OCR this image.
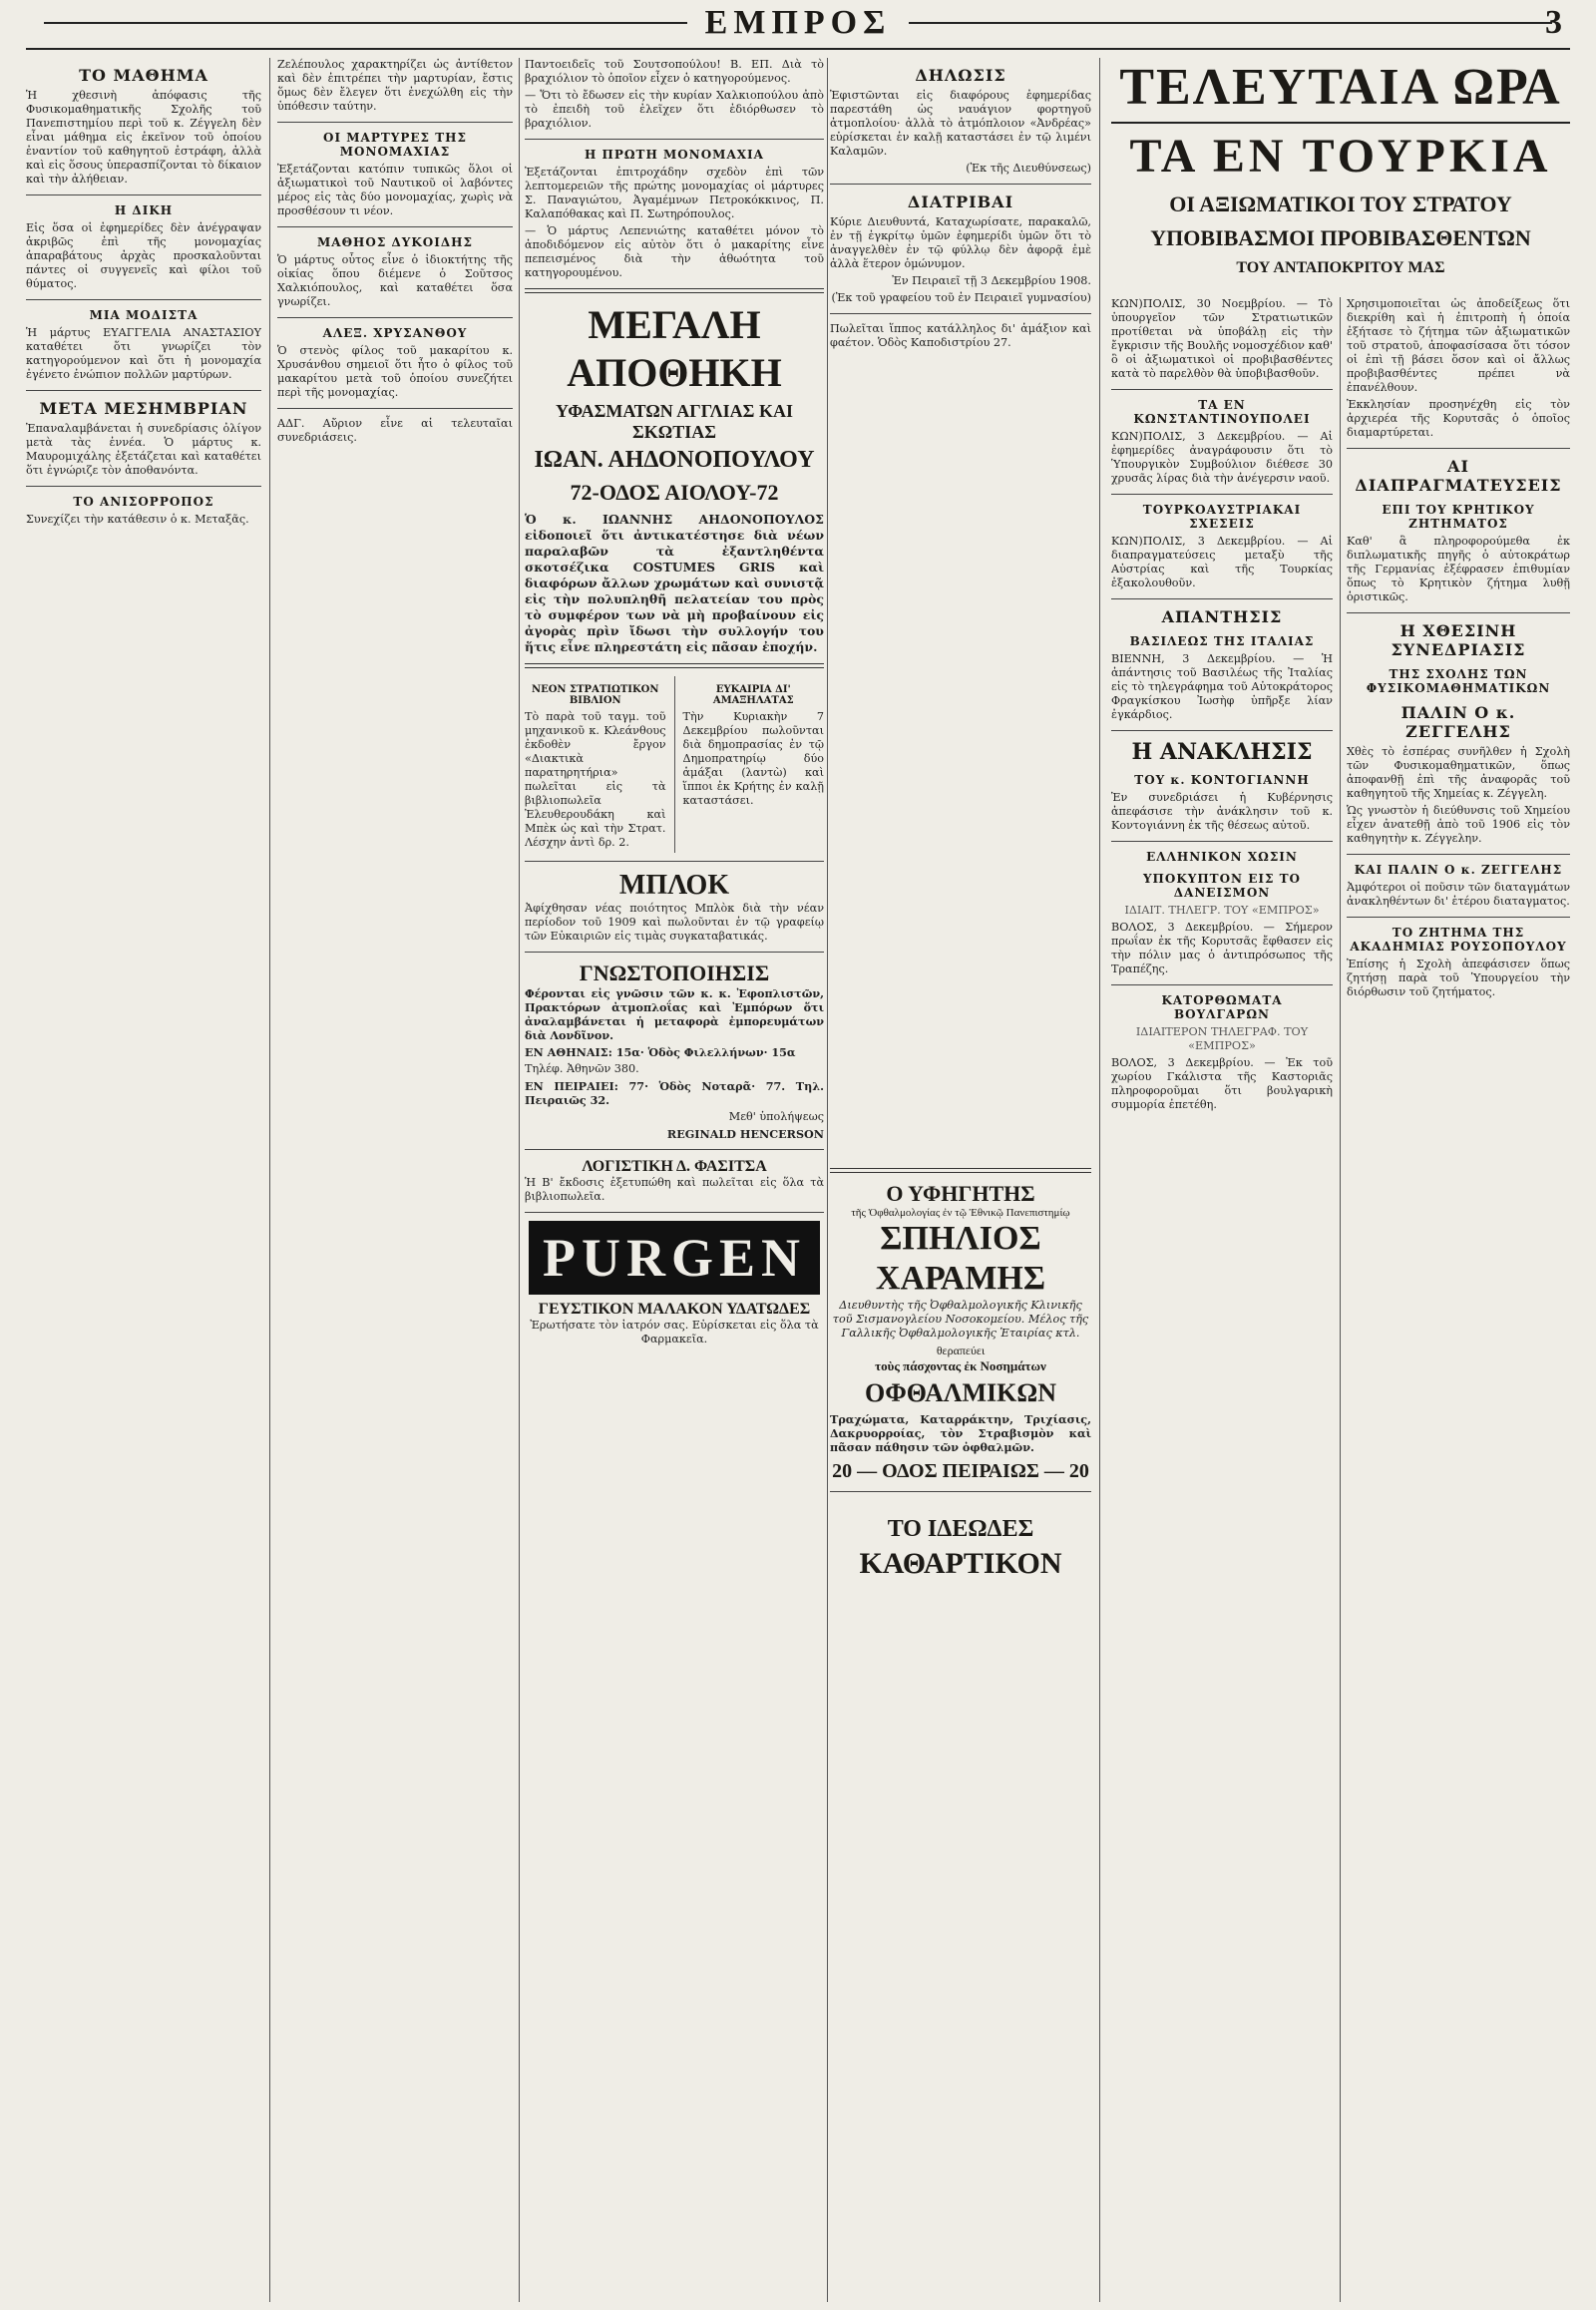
ΕΜΠΡΟΣ	3
ΤΟ ΜΑΘΗΜΑ

Ἡ χθεσινὴ ἀπόφασις τῆς Φυσικομαθηματικῆς Σχολῆς τοῦ Πανεπιστημίου περὶ τοῦ κ. Ζέγγελη δὲν εἶναι μάθημα εἰς ἐκεῖνον τοῦ ὁποίου ἐναντίον τοῦ καθηγητοῦ ἐστράφη, ἀλλὰ καὶ εἰς ὅσους ὑπερασπίζονται τὸ δίκαιον καὶ τὴν ἀλήθειαν.

Η ΔΙΚΗ

Εἰς ὅσα οἱ ἐφημερίδες δὲν ἀνέγραψαν ἀκριβῶς ἐπὶ τῆς μονομαχίας ἀπαραβάτους ἀρχὰς προσκαλοῦνται πάντες οἱ συγγενεῖς καὶ φίλοι τοῦ θύματος.

ΜΙΑ ΜΟΔΙΣΤΑ

Ἡ μάρτυς ΕΥΑΓΓΕΛΙΑ ΑΝΑΣΤΑΣΙΟΥ καταθέτει ὅτι γνωρίζει τὸν κατηγορούμενον καὶ ὅτι ἡ μονομαχία ἐγένετο ἐνώπιον πολλῶν μαρτύρων.

ΜΕΤΑ ΜΕΣΗΜΒΡΙΑΝ

Ἐπαναλαμβάνεται ἡ συνεδρίασις ὀλίγον μετὰ τὰς ἐννέα. Ὁ μάρτυς κ. Μαυρομιχάλης ἐξετάζεται καὶ καταθέτει ὅτι ἐγνώριζε τὸν ἀποθανόντα.

ΤΟ ΑΝΙΣΟΡΡΟΠΟΣ

Συνεχίζει τὴν κατάθεσιν ὁ κ. Μεταξᾶς.

Ζελέπουλος χαρακτηρίζει ὡς ἀντίθετον καὶ δὲν ἐπιτρέπει τὴν μαρτυρίαν, ἔστις ὅμως δὲν ἔλεγεν ὅτι ἐνεχώλθη εἰς τὴν ὑπόθεσιν ταύτην.

ΟΙ ΜΑΡΤΥΡΕΣ ΤΗΣ ΜΟΝΟΜΑΧΙΑΣ

Ἐξετάζονται κατόπιν τυπικῶς ὅλοι οἱ ἀξιωματικοὶ τοῦ Ναυτικοῦ οἱ λαβόντες μέρος εἰς τὰς δύο μονομαχίας, χωρὶς νὰ προσθέσουν τι νέον.

ΜΑΘΗΟΣ ΔΥΚΟΙΔΗΣ

Ὁ μάρτυς οὗτος εἶνε ὁ ἰδιοκτήτης τῆς οἰκίας ὅπου διέμενε ὁ Σοῦτσος Χαλκιόπουλος, καὶ καταθέτει ὅσα γνωρίζει.

ΑΛΕΞ. ΧΡΥΣΑΝΘΟΥ

Ὁ στενὸς φίλος τοῦ μακαρίτου κ. Χρυσάνθου σημειοῖ ὅτι ἦτο ὁ φίλος τοῦ μακαρίτου μετὰ τοῦ ὁποίου συνεζήτει περὶ τῆς μονομαχίας.

ΑΔΓ. Αὔριον εἶνε αἱ τελευταῖαι συνεδριάσεις.

Παντοειδεῖς τοῦ Σουτσοπούλου! Β. ΕΠ. Διὰ τὸ βραχιόλιον τὸ ὁποῖον εἶχεν ὁ κατηγορούμενος.

— Ὅτι τὸ ἔδωσεν εἰς τὴν κυρίαν Χαλκιοπούλου ἀπὸ τὸ ἐπειδὴ τοῦ ἐλεῖχεν ὅτι ἐδιόρθωσεν τὸ βραχιόλιον.

Η ΠΡΩΤΗ ΜΟΝΟΜΑΧΙΑ

Ἐξετάζονται ἐπιτροχάδην σχεδὸν ἐπὶ τῶν λεπτομερειῶν τῆς πρώτης μονομαχίας οἱ μάρτυρες Σ. Παναγιώτου, Ἀγαμέμνων Πετροκόκκινος, Π. Καλαπόθακας καὶ Π. Σωτηρόπουλος.

— Ὁ μάρτυς Λεπενιώτης καταθέτει μόνον τὸ ἀποδιδόμενον εἰς αὐτὸν ὅτι ὁ μακαρίτης εἶνε πεπεισμένος διὰ τὴν ἀθωότητα τοῦ κατηγορουμένου.

ΜΕΓΑΛΗ ΑΠΟΘΗΚΗ
ΥΦΑΣΜΑΤΩΝ ΑΓΓΛΙΑΣ ΚΑΙ ΣΚΩΤΙΑΣ
ΙΩΑΝ. ΑΗΔΟΝΟΠΟΥΛΟΥ
72-ΟΔΟΣ ΑΙΟΛΟΥ-72

Ὁ κ. ΙΩΑΝΝΗΣ ΑΗΔΟΝΟΠΟΥΛΟΣ εἰδοποιεῖ ὅτι ἀντικατέστησε διὰ νέων παραλαβῶν τὰ ἐξαντληθέντα σκοτσέζικα COSTUMES GRIS καὶ διαφόρων ἄλλων χρωμάτων καὶ συνιστᾷ εἰς τὴν πολυπληθῆ πελατείαν του πρὸς τὸ συμφέρον των νὰ μὴ προβαίνουν εἰς ἀγορὰς πρὶν ἴδωσι τὴν συλλογήν του ἥτις εἶνε πληρεστάτη εἰς πᾶσαν ἐποχήν.

ΝΕΟΝ ΣΤΡΑΤΙΩΤΙΚΟΝ ΒΙΒΛΙΟΝ

Τὸ παρὰ τοῦ ταγμ. τοῦ μηχανικοῦ κ. Κλεάνθους ἐκδοθὲν ἔργον «Διακτικὰ παρατηρητήρια» πωλεῖται εἰς τὰ βιβλιοπωλεῖα Ἐλευθερουδάκη καὶ Μπὲκ ὡς καὶ τὴν Στρατ. Λέσχην ἀντὶ δρ. 2.

ΕΥΚΑΙΡΙΑ ΔΙ' ΑΜΑΞΗΛΑΤΑΣ

Τὴν Κυριακὴν 7 Δεκεμβρίου πωλοῦνται διὰ δημοπρασίας ἐν τῷ Δημοπρατηρίῳ δύο ἁμάξαι (λαντὼ) καὶ ἵπποι ἐκ Κρήτης ἐν καλῇ καταστάσει.

ΜΠΛΟΚ

Ἀφίχθησαν νέας ποιότητος Μπλὸκ διὰ τὴν νέαν περίοδον τοῦ 1909 καὶ πωλοῦνται ἐν τῷ γραφείῳ τῶν Εὐκαιριῶν εἰς τιμὰς συγκαταβατικάς.

ΓΝΩΣΤΟΠΟΙΗΣΙΣ

Φέρονται εἰς γνῶσιν τῶν κ. κ. Ἐφοπλιστῶν, Πρακτόρων ἀτμοπλοΐας καὶ Ἐμπόρων ὅτι ἀναλαμβάνεται ἡ μεταφορὰ ἐμπορευμάτων διὰ Λονδῖνον.

ΕΝ ΑΘΗΝΑΙΣ: 15α· Ὁδὸς Φιλελλήνων· 15α

Τηλέφ. Ἀθηνῶν 380.

ΕΝ ΠΕΙΡΑΙΕΙ: 77· Ὁδὸς Νοταρᾶ· 77. Τηλ. Πειραιῶς 32.

Μεθ' ὑπολήψεως

REGINALD HENCERSON

ΛΟΓΙΣΤΙΚΗ Δ. ΦΑΣΙΤΣΑ

Ἡ Β' ἔκδοσις ἐξετυπώθη καὶ πωλεῖται εἰς ὅλα τὰ βιβλιοπωλεῖα.

PURGEN
ΓΕΥΣΤΙΚΟΝ ΜΑΛΑΚΟΝ ΥΔΑΤΩΔΕΣ

Ἐρωτήσατε τὸν ἰατρόν σας. Εὑρίσκεται εἰς ὅλα τὰ Φαρμακεῖα.

ΔΗΛΩΣΙΣ

Ἐφιστῶνται εἰς διαφόρους ἐφημερίδας παρεστάθη ὡς ναυάγιον φορτηγοῦ ἀτμοπλοίου· ἀλλὰ τὸ ἀτμόπλοιον «Ἀνδρέας» εὑρίσκεται ἐν καλῇ καταστάσει ἐν τῷ λιμένι Καλαμῶν.

(Ἐκ τῆς Διευθύνσεως)

ΔΙΑΤΡΙΒΑΙ

Κύριε Διευθυντά, Καταχωρίσατε, παρακαλῶ, ἐν τῇ ἐγκρίτῳ ὑμῶν ἐφημερίδι ὑμῶν ὅτι τὸ ἀναγγελθὲν ἐν τῷ φύλλῳ δὲν ἀφορᾷ ἐμὲ ἀλλὰ ἕτερον ὁμώνυμον.

Ἐν Πειραιεῖ τῇ 3 Δεκεμβρίου 1908.

(Ἐκ τοῦ γραφείου τοῦ ἐν Πειραιεῖ γυμνασίου)

Πωλεῖται ἵππος κατάλληλος δι' ἁμάξιον καὶ φαέτον. Ὁδὸς Καποδιστρίου 27.

Ο ΥΦΗΓΗΤΗΣ
τῆς Ὀφθαλμολογίας ἐν τῷ Ἐθνικῷ Πανεπιστημίῳ
ΣΠΗΛΙΟΣ
ΧΑΡΑΜΗΣ

Διευθυντὴς τῆς Ὀφθαλμολογικῆς Κλινικῆς τοῦ Σισμανογλείου Νοσοκομείου. Μέλος τῆς Γαλλικῆς Ὀφθαλμολογικῆς Ἑταιρίας κτλ.

θεραπεύει
τοὺς πάσχοντας ἐκ Νοσημάτων
ΟΦΘΑΛΜΙΚΩΝ

Τραχώματα, Καταρράκτην, Τριχίασις, Δακρυορροίας, τὸν Στραβισμὸν καὶ πᾶσαν πάθησιν τῶν ὀφθαλμῶν.

20 — ΟΔΟΣ ΠΕΙΡΑΙΩΣ — 20
ΤΟ ΙΔΕΩΔΕΣ
ΚΑΘΑΡΤΙΚΟΝ
ΤΕΛΕΥΤΑΙΑ ΩΡΑ
ΤΑ ΕΝ ΤΟΥΡΚΙΑ
ΟΙ ΑΞΙΩΜΑΤΙΚΟΙ ΤΟΥ ΣΤΡΑΤΟΥ
ΥΠΟΒΙΒΑΣΜΟΙ ΠΡΟΒΙΒΑΣΘΕΝΤΩΝ
ΤΟΥ ΑΝΤΑΠΟΚΡΙΤΟΥ ΜΑΣ

ΚΩΝ)ΠΟΛΙΣ, 30 Νοεμβρίου. — Τὸ ὑπουργεῖον τῶν Στρατιωτικῶν προτίθεται νὰ ὑποβάλῃ εἰς τὴν ἔγκρισιν τῆς Βουλῆς νομοσχέδιον καθ' ὃ οἱ ἀξιωματικοὶ οἱ προβιβασθέντες κατὰ τὸ παρελθὸν θὰ ὑποβιβασθοῦν.

ΤΑ ΕΝ ΚΩΝΣΤΑΝΤΙΝΟΥΠΟΛΕΙ

ΚΩΝ)ΠΟΛΙΣ, 3 Δεκεμβρίου. — Αἱ ἐφημερίδες ἀναγράφουσιν ὅτι τὸ Ὑπουργικὸν Συμβούλιον διέθεσε 30 χρυσᾶς λίρας διὰ τὴν ἀνέγερσιν ναοῦ.

ΤΟΥΡΚΟΑΥΣΤΡΙΑΚΑΙ ΣΧΕΣΕΙΣ

ΚΩΝ)ΠΟΛΙΣ, 3 Δεκεμβρίου. — Αἱ διαπραγματεύσεις μεταξὺ τῆς Αὐστρίας καὶ τῆς Τουρκίας ἐξακολουθοῦν.

ΑΠΑΝΤΗΣΙΣ
ΒΑΣΙΛΕΩΣ ΤΗΣ ΙΤΑΛΙΑΣ

ΒΙΕΝΝΗ, 3 Δεκεμβρίου. — Ἡ ἀπάντησις τοῦ Βασιλέως τῆς Ἰταλίας εἰς τὸ τηλεγράφημα τοῦ Αὐτοκράτορος Φραγκίσκου Ἰωσὴφ ὑπῆρξε λίαν ἐγκάρδιος.

Η ΑΝΑΚΛΗΣΙΣ
ΤΟΥ κ. ΚΟΝΤΟΓΙΑΝΝΗ

Ἐν συνεδριάσει ἡ Κυβέρνησις ἀπεφάσισε τὴν ἀνάκλησιν τοῦ κ. Κοντογιάννη ἐκ τῆς θέσεως αὐτοῦ.

ΕΛΛΗΝΙΚΟΝ ΧΩΣΙΝ
ΥΠΟΚΥΠΤΟΝ ΕΙΣ ΤΟ ΔΑΝΕΙΣΜΟΝ

ΙΔΙΑΙΤ. ΤΗΛΕΓΡ. ΤΟΥ «ΕΜΠΡΟΣ»

ΒΟΛΟΣ, 3 Δεκεμβρίου. — Σήμερον πρωΐαν ἐκ τῆς Κορυτσᾶς ἔφθασεν εἰς τὴν πόλιν μας ὁ ἀντιπρόσωπος τῆς Τραπέζης.

ΚΑΤΟΡΘΩΜΑΤΑ ΒΟΥΛΓΑΡΩΝ

ΙΔΙΑΙΤΕΡΟΝ ΤΗΛΕΓΡΑΦ. ΤΟΥ «ΕΜΠΡΟΣ»

ΒΟΛΟΣ, 3 Δεκεμβρίου. — Ἐκ τοῦ χωρίου Γκάλιστα τῆς Καστοριᾶς πληροφοροῦμαι ὅτι βουλγαρικὴ συμμορία ἐπετέθη.

Χρησιμοποιεῖται ὡς ἀποδείξεως ὅτι διεκρίθη καὶ ἡ ἐπιτροπὴ ἡ ὁποία ἐξήτασε τὸ ζήτημα τῶν ἀξιωματικῶν τοῦ στρατοῦ, ἀποφασίσασα ὅτι τόσον οἱ ἐπὶ τῇ βάσει ὅσον καὶ οἱ ἄλλως προβιβασθέντες πρέπει νὰ ἐπανέλθουν.

Ἐκκλησίαν προσηνέχθη εἰς τὸν ἀρχιερέα τῆς Κορυτσᾶς ὁ ὁποῖος διαμαρτύρεται.

ΑΙ ΔΙΑΠΡΑΓΜΑΤΕΥΣΕΙΣ
ΕΠΙ ΤΟΥ ΚΡΗΤΙΚΟΥ ΖΗΤΗΜΑΤΟΣ

Καθ' ἃ πληροφορούμεθα ἐκ διπλωματικῆς πηγῆς ὁ αὐτοκράτωρ τῆς Γερμανίας ἐξέφρασεν ἐπιθυμίαν ὅπως τὸ Κρητικὸν ζήτημα λυθῇ ὁριστικῶς.

Η ΧΘΕΣΙΝΗ ΣΥΝΕΔΡΙΑΣΙΣ
ΤΗΣ ΣΧΟΛΗΣ ΤΩΝ ΦΥΣΙΚΟΜΑΘΗΜΑΤΙΚΩΝ
ΠΑΛΙΝ Ο κ. ΖΕΓΓΕΛΗΣ

Χθὲς τὸ ἑσπέρας συνῆλθεν ἡ Σχολὴ τῶν Φυσικομαθηματικῶν, ὅπως ἀποφανθῇ ἐπὶ τῆς ἀναφορᾶς τοῦ καθηγητοῦ τῆς Χημείας κ. Ζέγγελη.

Ὡς γνωστὸν ἡ διεύθυνσις τοῦ Χημείου εἶχεν ἀνατεθῇ ἀπὸ τοῦ 1906 εἰς τὸν καθηγητὴν κ. Ζέγγελην.

ΚΑΙ ΠΑΛΙΝ Ο κ. ΖΕΓΓΕΛΗΣ

Ἀμφότεροι οἱ ποῦσιν τῶν διαταγμάτων ἀνακληθέντων δι' ἑτέρου διαταγματος.

ΤΟ ΖΗΤΗΜΑ ΤΗΣ ΑΚΑΔΗΜΙΑΣ ΡΟΥΣΟΠΟΥΛΟΥ

Ἐπίσης ἡ Σχολὴ ἀπεφάσισεν ὅπως ζητήσῃ παρὰ τοῦ Ὑπουργείου τὴν διόρθωσιν τοῦ ζητήματος.
